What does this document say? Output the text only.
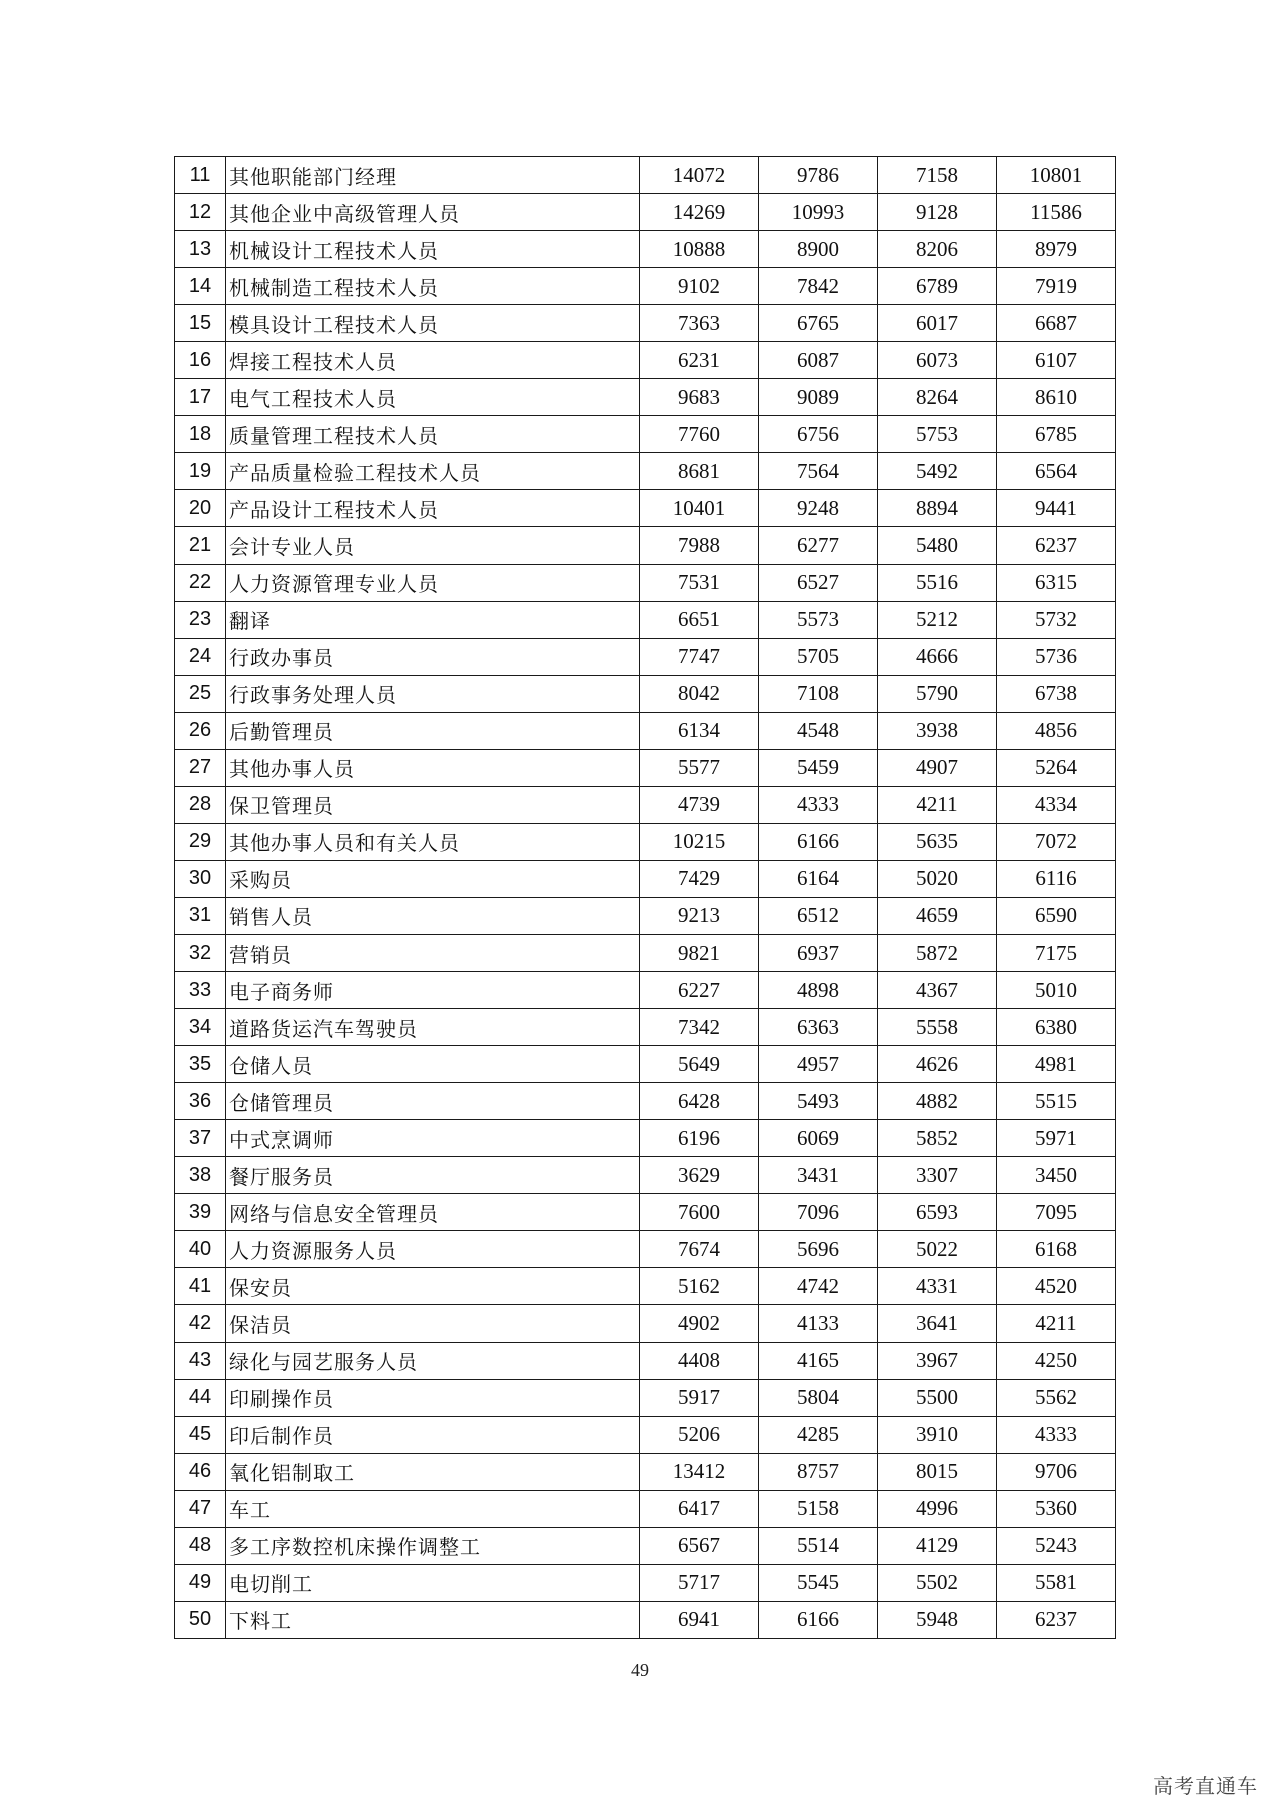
11	其他职能部门经理	14072	9786	7158	10801
12	其他企业中高级管理人员	14269	10993	9128	11586
13	机械设计工程技术人员	10888	8900	8206	8979
14	机械制造工程技术人员	9102	7842	6789	7919
15	模具设计工程技术人员	7363	6765	6017	6687
16	焊接工程技术人员	6231	6087	6073	6107
17	电气工程技术人员	9683	9089	8264	8610
18	质量管理工程技术人员	7760	6756	5753	6785
19	产品质量检验工程技术人员	8681	7564	5492	6564
20	产品设计工程技术人员	10401	9248	8894	9441
21	会计专业人员	7988	6277	5480	6237
22	人力资源管理专业人员	7531	6527	5516	6315
23	翻译	6651	5573	5212	5732
24	行政办事员	7747	5705	4666	5736
25	行政事务处理人员	8042	7108	5790	6738
26	后勤管理员	6134	4548	3938	4856
27	其他办事人员	5577	5459	4907	5264
28	保卫管理员	4739	4333	4211	4334
29	其他办事人员和有关人员	10215	6166	5635	7072
30	采购员	7429	6164	5020	6116
31	销售人员	9213	6512	4659	6590
32	营销员	9821	6937	5872	7175
33	电子商务师	6227	4898	4367	5010
34	道路货运汽车驾驶员	7342	6363	5558	6380
35	仓储人员	5649	4957	4626	4981
36	仓储管理员	6428	5493	4882	5515
37	中式烹调师	6196	6069	5852	5971
38	餐厅服务员	3629	3431	3307	3450
39	网络与信息安全管理员	7600	7096	6593	7095
40	人力资源服务人员	7674	5696	5022	6168
41	保安员	5162	4742	4331	4520
42	保洁员	4902	4133	3641	4211
43	绿化与园艺服务人员	4408	4165	3967	4250
44	印刷操作员	5917	5804	5500	5562
45	印后制作员	5206	4285	3910	4333
46	氧化铝制取工	13412	8757	8015	9706
47	车工	6417	5158	4996	5360
48	多工序数控机床操作调整工	6567	5514	4129	5243
49	电切削工	5717	5545	5502	5581
50	下料工	6941	6166	5948	6237
49
高考直通车
